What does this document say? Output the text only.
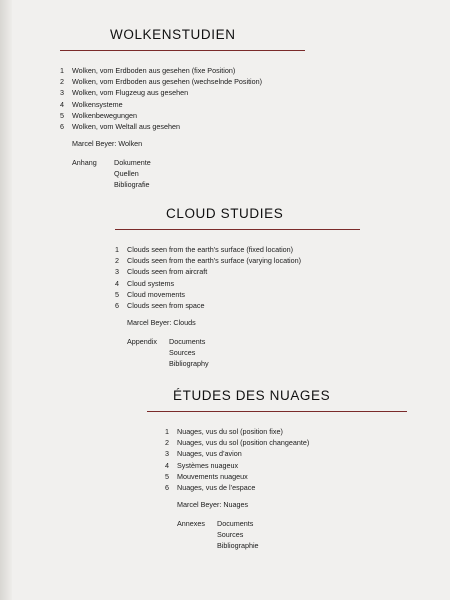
WOLKENSTUDIEN
1	Wolken, vom Erdboden aus gesehen (fixe Position)
2	Wolken, vom Erdboden aus gesehen (wechselnde Position)
3	Wolken, vom Flugzeug aus gesehen
4	Wolkensysteme
5	Wolkenbewegungen
6	Wolken, vom Weltall aus gesehen
Marcel Beyer: Wolken
Anhang	Dokumente
Quellen
Bibliografie
CLOUD STUDIES
1	Clouds seen from the earth’s surface (fixed location)
2	Clouds seen from the earth’s surface (varying location)
3	Clouds seen from aircraft
4	Cloud systems
5	Cloud movements
6	Clouds seen from space
Marcel Beyer: Clouds
Appendix	Documents
Sources
Bibliography
ÉTUDES DES NUAGES
1	Nuages, vus du sol (position fixe)
2	Nuages, vus du sol (position changeante)
3	Nuages, vus d’avion
4	Systèmes nuageux
5	Mouvements nuageux
6	Nuages, vus de l’espace
Marcel Beyer: Nuages
Annexes	Documents
Sources
Bibliographie
